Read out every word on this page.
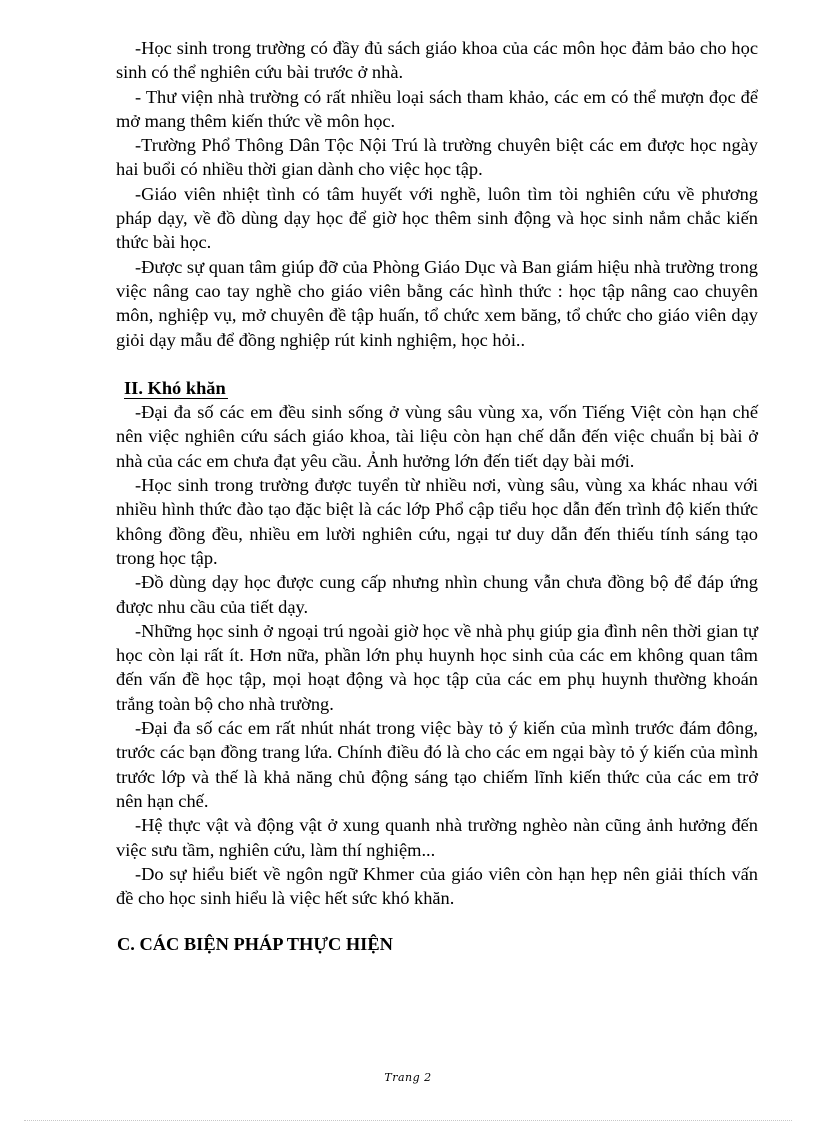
-Học sinh trong trường có đầy đủ sách giáo khoa của các môn học đảm bảo cho học sinh có thể nghiên cứu bài trước ở nhà.

- Thư viện nhà trường có rất nhiều loại sách tham khảo, các em có thể mượn đọc để mở mang thêm kiến thức về môn học.

-Trường Phổ Thông Dân Tộc Nội Trú là trường chuyên biệt các em được học ngày hai buổi có nhiều thời gian dành cho việc học tập.

-Giáo viên nhiệt tình có tâm huyết với nghề, luôn tìm tòi nghiên cứu về phương pháp dạy, về đồ dùng dạy học để giờ học thêm sinh động và học sinh nắm chắc kiến thức bài học.

-Được sự quan tâm giúp đỡ của Phòng Giáo Dục và Ban giám hiệu nhà trường trong việc nâng cao tay nghề cho giáo viên bằng các hình thức : học tập nâng cao chuyên môn, nghiệp vụ, mở chuyên đề tập huấn, tổ chức xem băng, tổ chức cho giáo viên dạy giỏi dạy mẫu để đồng nghiệp rút kinh nghiệm, học hỏi..

II. Khó khăn

-Đại đa số các em đều sinh sống ở vùng sâu vùng xa, vốn Tiếng Việt còn hạn chế nên việc nghiên cứu sách giáo khoa, tài liệu còn hạn chế dẫn đến việc chuẩn bị bài ở nhà của các em chưa đạt yêu cầu. Ảnh hưởng lớn đến tiết dạy bài mới.

-Học sinh trong trường được tuyển từ nhiều nơi, vùng sâu, vùng xa khác nhau với nhiều hình thức đào tạo đặc biệt là các lớp Phổ cập tiểu học dẫn đến trình độ kiến thức không đồng đều, nhiều em lười nghiên cứu, ngại tư duy dẫn đến thiếu tính sáng tạo trong học tập.

-Đồ dùng dạy học được cung cấp nhưng nhìn chung vẫn chưa đồng bộ để đáp ứng được nhu cầu của tiết dạy.

-Những học sinh ở ngoại trú ngoài giờ học về nhà phụ giúp gia đình nên thời gian tự học còn lại rất ít. Hơn nữa, phần lớn phụ huynh học sinh của các em không quan tâm đến vấn đề học tập, mọi hoạt động và học tập của các em phụ huynh thường khoán trắng toàn bộ cho nhà trường.

-Đại đa số các em rất nhút nhát trong việc bày tỏ ý kiến của mình trước đám đông, trước các bạn đồng trang lứa. Chính điều đó là cho các em ngại bày tỏ ý kiến của mình trước lớp và thế là khả năng chủ động sáng tạo chiếm lĩnh kiến thức của các em trở nên hạn chế.

-Hệ thực vật và động vật ở xung quanh nhà trường nghèo nàn cũng ảnh hưởng đến việc sưu tầm, nghiên cứu, làm thí nghiệm...

-Do sự hiểu biết về ngôn ngữ Khmer của giáo viên còn hạn hẹp nên giải thích vấn đề cho học sinh hiểu là việc hết sức khó khăn.

C. CÁC BIỆN PHÁP THỰC HIỆN

Trang 2
